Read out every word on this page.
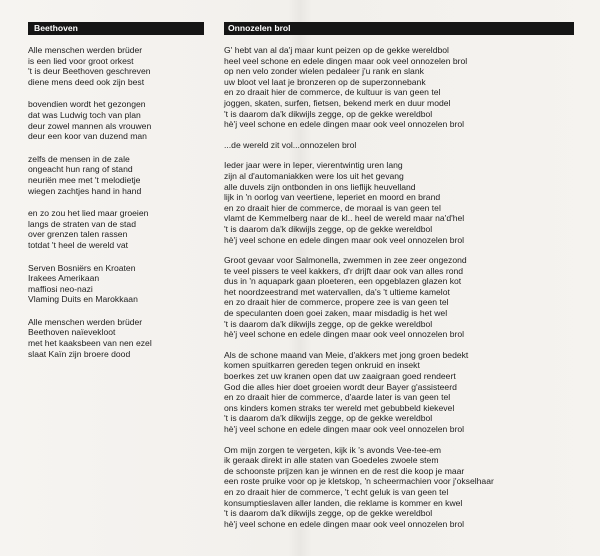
Beethoven
Alle menschen werden brüder
is een lied voor groot orkest
't is deur Beethoven geschreven
diene mens deed ook zijn best
bovendien wordt het gezongen
dat was Ludwig toch van plan
deur zowel mannen als vrouwen
deur een koor van duzend man
zelfs de mensen in de zale
ongeacht hun rang of stand
neuriën mee met 't melodietje
wiegen zachtjes hand in hand
en zo zou het lied maar groeien
langs de straten van de stad
over grenzen talen rassen
totdat 't heel de wereld vat
Serven Bosniërs en Kroaten
Irakees Amerikaan
maffiosi neo-nazi
Vlaming Duits en Marokkaan
Alle menschen werden brüder
Beethoven naïevekloot
met het kaaksbeen van nen ezel
slaat Kaïn zijn broere dood
Onnozelen brol
G' hebt van al da'j maar kunt peizen op de gekke wereldbol
heel veel schone en edele dingen maar ook veel onnozelen brol
op nen velo zonder wielen pedaleer j'u rank en slank
uw bloot vel laat je bronzeren op de superzonnebank
en zo draait hier de commerce, de kultuur is van geen tel
joggen, skaten, surfen, fietsen, bekend merk en duur model
't is daarom da'k dikwijls zegge, op de gekke wereldbol
hè'j veel schone en edele dingen maar ook veel onnozelen brol
...de wereld zit vol...onnozelen brol
Ieder jaar were in Ieper, vierentwintig uren lang
zijn al d'automaniakken were los uit het gevang
alle duvels zijn ontbonden in ons lieflijk heuvelland
lijk in 'n oorlog van veertiene, leperiet en moord en brand
en zo draait hier de commerce, de moraal is van geen tel
vlamt de Kemmelberg naar de kl.. heel de wereld maar na'd'hel
't is daarom da'k dikwijls zegge, op de gekke wereldbol
hè'j veel schone en edele dingen maar ook veel onnozelen brol
Groot gevaar voor Salmonella, zwemmen in zee zeer ongezond
te veel pissers te veel kakkers, d'r drijft daar ook van alles rond
dus in 'n aquapark gaan ploeteren, een opgeblazen glazen kot
het noordzeestrand met watervallen, da's 't ultieme kamelot
en zo draait hier de commerce, propere zee is van geen tel
de speculanten doen goei zaken, maar misdadig is het wel
't is daarom da'k dikwijls zegge, op de gekke wereldbol
hè'j veel schone en edele dingen maar ook veel onnozelen brol
Als de schone maand van Meie, d'akkers met jong groen bedekt
komen spuitkarren gereden tegen onkruid en insekt
boerkes zet uw kranen open dat uw zaaigraan goed rendeert
God die alles hier doet groeien wordt deur Bayer g'assisteerd
en zo draait hier de commerce, d'aarde later is van geen tel
ons kinders komen straks ter wereld met gebubbeld kiekevel
't is daarom da'k dikwijls zegge, op de gekke wereldbol
hè'j veel schone en edele dingen maar ook veel onnozelen brol
Om mijn zorgen te vergeten, kijk ik 's avonds Vee-tee-em
ik geraak direkt in alle staten van Goedeles zwoele stem
de schoonste prijzen kan je winnen en de rest die koop je maar
een roste pruike voor op je kletskop, 'n scheermachien voor j'okselhaar
en zo draait hier de commerce, 't echt geluk is van geen tel
konsumptieslaven aller landen, die reklame is kommer en kwel
't is daarom da'k dikwijls zegge, op de gekke wereldbol
hè'j veel schone en edele dingen maar ook veel onnozelen brol
